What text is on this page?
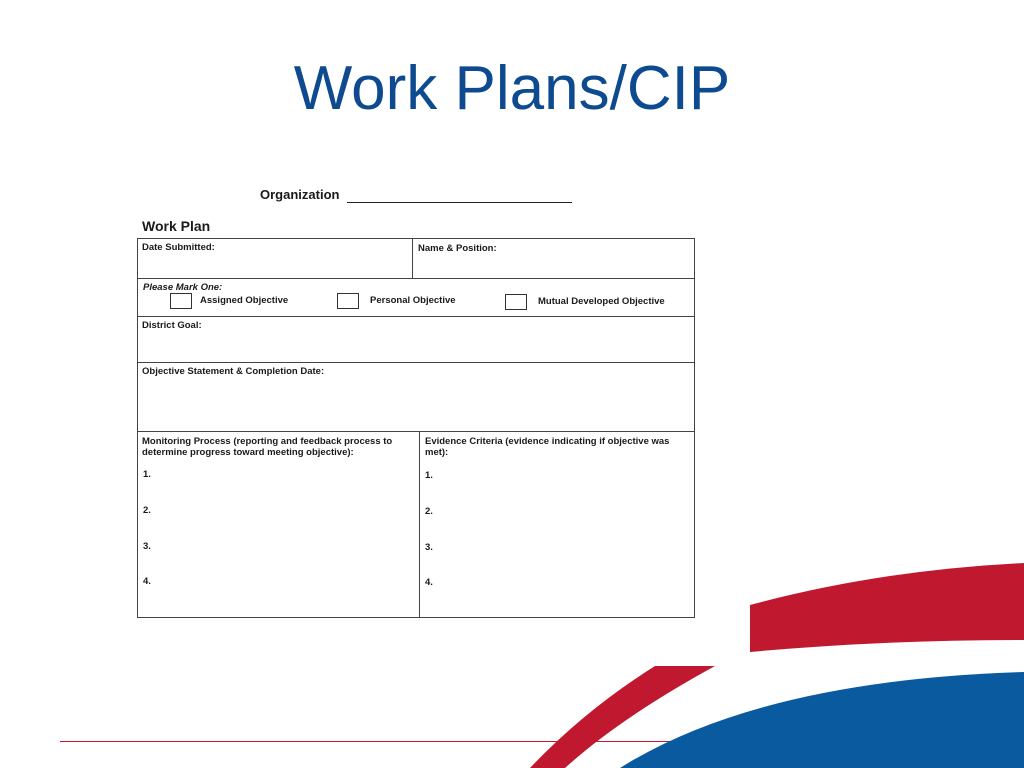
Work Plans/CIP
Organization
Work Plan
Date Submitted:	Name & Position:
Please Mark One:
Assigned Objective	Personal Objective	Mutual Developed Objective
District Goal:
Objective Statement & Completion Date:
Monitoring Process (reporting and feedback process to determine progress toward meeting objective):
1.
2.
3.
4.
Evidence Criteria (evidence indicating if objective was met):
1.
2.
3.
4.
